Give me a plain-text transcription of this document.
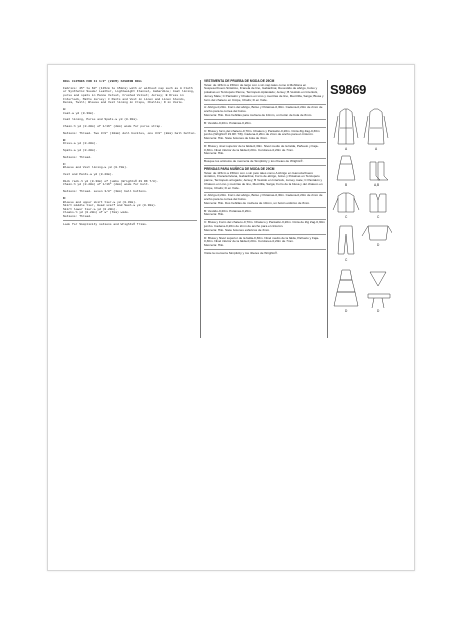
DOLL CLOTHES FOR 11 1/2" (29CM) FASHION DOLL

Fabrics: 45" to 60" (115cm to 150cm) with or without nap such as A Cloth or Synthetic Suede/ Leather, Lightweight Flannel, Gabardine; Coat lining, purse and spats in Panne Velvet, Crushed Velvet; Jersey; B Dress in Interlock, Matte Jersey; C Pants and Vest in Linen and Linen blends, Denim, Twill; Blouse and Vest lining in Crepe, Challis; D in Voile.

A:

Coat-¼ yd (0.30m).

Coat lining, Purse and Spats-¼ yd (0.30m).

Chain-½ yd (0.20m) of 1/16" (2mm) wide for purse strap.

Notions: Thread. Two 3/8" (10mm) doll buckles, one 3/8" (8mm) ball button.

B:

Dress-¼ yd (0.20m).

Spats-¼ yd (0.20m).

Notions: Thread.

C:

Blouse and Vest lining-¼ yd (0.70m).

Vest and Pants-¼ yd (0.20m).

Rick rack-½ yd (0.30m) of jumbo (Wrights® #1 RK 7/8).

Chain-½ yd (0.20m) of 1/16" (2mm) wide for belt.

Notions: Thread. seven 3/8" (3mm) ball buttons.

D:

Blouse and upper skirt tier-¼ yd (0.30m).

Skirt middle tier, Head scarf and Sash-¼ yd (0.30m).

Skirt lower tier-¼ yd (0.20m).

Cloaks-½ yd (0.20m) of ¼" (7mm) wide.

Notions: Thread.

Look for Simplicity notions and Wrights® Trims.

VESTIMENTA DE PRUEBA DE MODA DE 29CM

Telas: de 115cm a 150cm de largo con o sin nap tales como A Mohlisna en Suspeso/Cuero Sintético, Franela de lino, Gabardina; Revestido de abrigo, bolso y polainas en Terciopelo Panne, Terciopelo Aplastado; Jersey; B Vestido en Interlock, Jersey Mate; C Pantalón y Chaleco en Lino y mezclas de lino, Mezclilla, Sarga; Blusa y forro del chaleco en Crêpe, Chalís; D en Voile.

A: Abrigo-0,20m. Forro del abrigo, Bolso y Polainas-0,30m. Cadena-0,20m de 2mm de ancho para la correa del bolso.

Mercería: Hilo. Dos hebillas para muñeca de 10mm, un botón de bola de 8mm.

B: Vestido-0,20m. Polainas-0,20m.

C: Blusa y forro del chaleco-0,70m. Chaleco y Pantalón-0,20m. Cinta Zig Zag-0,30m jumbo (Wrights® #1 RK 7/8). Cadena-0,20m de 2mm de ancho para el cinturón.

Mercería: Hilo. Siete botones de bola de 3mm.

D: Blusa y nivel superior de la falda-0,30m. Nivel medio de la falda, Pañuelo y Faja-0,30m. Nivel inferior de la falda-0,20m. Cordones-0,20m de 7mm.

Mercería: Hilo.

Busque los artículos de mercería de Simplicity y los ribetes de Wrights®.

PRENDAS PARA MUÑECA DE MODA DE 29CM

Telas: de 115cm a 150cm con o sin pelo tales como A Abrigo en Gamuza/Cuero sintético, Franela liviana, Gabardina; Forro de abrigo, bolso y Polainas en Terciopelo panne, Terciopelo arrugado; Jersey; B Vestido en Interlock, Jersey mate; C Pantalón y Chaleco en Lino y mezclas de lino, Mezclilla, Sarga; Forro de la blusa y del chaleco en Crêpe, Chalís; D en Voile.

A: Abrigo-0,20m. Forro del abrigo, Bolso y Polainas-0,30m. Cadena-0,20m de 2mm de ancho para la correa del bolso.

Mercería: Hilo. Dos hebillas de muñeca de 10mm, un botón esférico de 8mm.

B: Vestido-0,20m. Polainas-0,20m.

Mercería: Hilo.

C: Blusa y Forro del chaleco-0,70m. Chaleco y Pantalón-0,20m. Cinta de Zig Zag-0,30m jumbo. Cadena-0,20m de 2mm de ancho para el cinturón.

Mercería: Hilo. Siete botones esféricos de 3mm.

D: Blusa y Nivel superior de la falda-0,30m. Nivel medio de la falda, Pañuelo y Faja-0,30m. Nivel inferior de la falda-0,20m. Cordones-0,20m de 7mm.

Mercería: Hilo.

Visite la mercería Simplicity y los ribetes de Wrights®.

S9869
A	A
B	A,B
C	C
C
D
D	D
